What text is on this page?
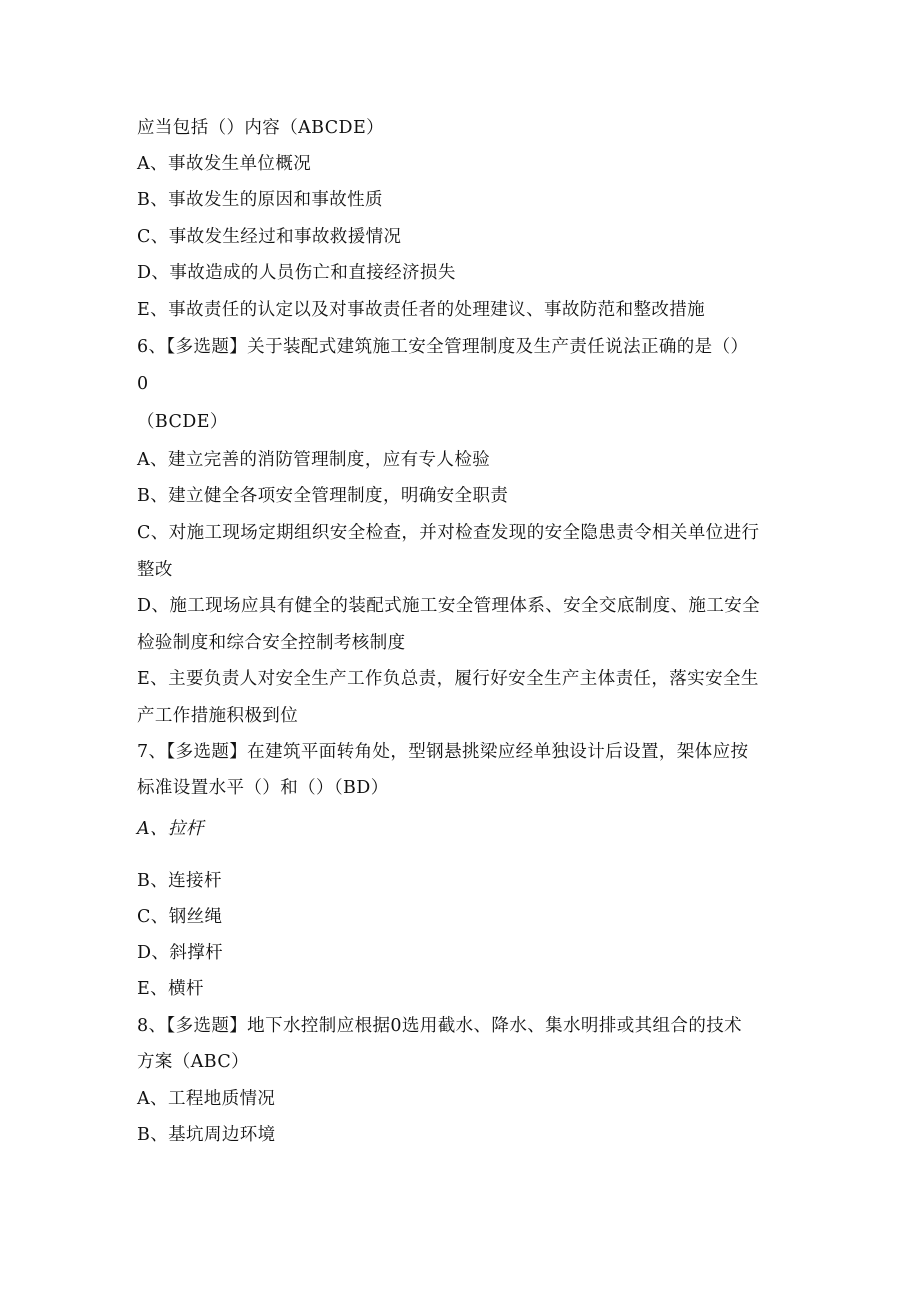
应当包括（）内容（ABCDE）
A、事故发生单位概况
B、事故发生的原因和事故性质
C、事故发生经过和事故救援情况
D、事故造成的人员伤亡和直接经济损失
E、事故责任的认定以及对事故责任者的处理建议、事故防范和整改措施
6、【多选题】关于装配式建筑施工安全管理制度及生产责任说法正确的是（）
0
（BCDE）
A、建立完善的消防管理制度，应有专人检验
B、建立健全各项安全管理制度，明确安全职责
C、对施工现场定期组织安全检查，并对检查发现的安全隐患责令相关单位进行
整改
D、施工现场应具有健全的装配式施工安全管理体系、安全交底制度、施工安全
检验制度和综合安全控制考核制度
E、主要负责人对安全生产工作负总责，履行好安全生产主体责任，落实安全生
产工作措施积极到位
7、【多选题】在建筑平面转角处，型钢悬挑梁应经单独设计后设置，架体应按
标准设置水平（）和（）（BD）
A、拉杆
B、连接杆
C、钢丝绳
D、斜撑杆
E、横杆
8、【多选题】地下水控制应根据0选用截水、降水、集水明排或其组合的技术
方案（ABC）
A、工程地质情况
B、基坑周边环境
